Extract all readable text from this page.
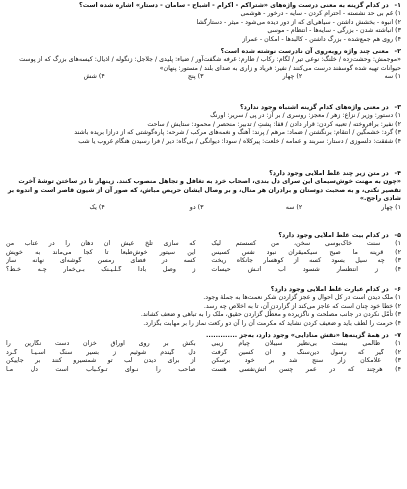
۱- در کدام گزینه به معنی درست واژه‌های «شتراکم - اکرام - اشباح - سامان - دستار» اشاره شده است؟
۱) غم بی حد نشسته - احترام کردن - سایه - درخور - هوشمی
۲) انبوه - بخشش داشتن - سیاهی‌ای که از دور دیده می‌شود - میثر - دستارگشا
۳) انباشته شدن - بزرگی - سایه‌ها - انتظام - موسی
۴) روی هم جمع‌شده - بزرگ داشتن - کالبدها - امکان - عمراز
۲- معنی چند واژه روبه‌روی آن نادرست نوشته شده است؟
«موجمش: وحشت‌زده / خلنگ: نوعی تیر / لگام: رکاب / طارم: غرفه‌ شگفت‌آور / ضیاء: پلیدی / جلاجل: زنگوله / اذیال: کیسه‌های بزرگ که از پوست حیوانات تهیه شده گوسفند درست می‌کنند / نفیر: فریاد و زاری به صدای بلند / مستور: پنهان»
۱) سه
۲) چهار
۳) پنج
۴) شش
۳- در معنی واژه‌های کدام گزینه اشتباه وجود ندارد؟
۱) دستور: وزیر / نزاع: زهر / معجز: روسری / بر آز: در پی / سریر: اورنگ
۲) نفیر: برافروخته / تعبیه کردن: قرار دادن / قفا: پشتِ / تدبیر: منحصر / محمود: ستایش / ساحت
۳) گرد: خشمگین / انتقام: برنگشتن / ضماد: مرهم / پرند: آهنگ و نغمه‌های مرکب / شرحه: پاره‌گوشتی که از درازا بریده باشند
۴) شفقت: دلسوزی / دستار: سربند و عمامه / خلعت: پیرکلاه / سودا: دیوانگی / بی‌گاه: دیر / فرا رسیدن هنگام غروب یا شب
۴- در متن زیر چند غلط املایی وجود دارد؟
«چون به مهنت خوش‌سیمای این سرای دل بندی، اصحاب خرد به تغافل و تجاهل منصوب کنند. زینهار تا در ساختن توشهٔ آخرت تقصیر نکنی، و به صحبت دوستان و برادران هر منال، و بر وصال ایشان حریص مباش، که صور آن از شیون قاصر است و اندوه بر شادی راجح.»
۱) چهار
۲) سه
۳) دو
۴) یک
۵- در کدام بیت غلط املایی وجود دارد؟
۱) سنت خاک‌بوسی سخن، من کسستم لیک
که سازی تلخ عیش آن دهان را در عتاب من
۲) قرینه ما صیح سیکمیقران نبود نفس کسیس
این سیتور خوش‌طبعا تا کجا می‌ماند به خویش
۳) چه سیل بسود کسه از کوهسار جانکاه ریخت
کسه در فضای رمسن گوشه‌ای نهانه ساز
۴) ز انتظسار شسود آب آتـش حیسات
ز وصل بادا گـلـیـنک بـی‌خمار چـه خـط؟
۶- در کدام عبارت غلط املایی وجود دارد؟
۱) ملک دیدن است در کل احوال و عجز گزاردن شکر نعمت‌ها به جملهٔ وجود.
۲) خطا خود چنان است که عاجز می‌کند از گزاردن آن، تا به اخلاص چه رسد.
۳) تأمّل نکردن در جانب مصلحت و ناگزیرده و معطّل گزاردن حقیق، ملک را به تباهی و ضعف کشاند.
۴) حرمت را لطف باید و ضعیف کردن نشاید که مکرمت آن را آن دو رکعت نماز را بر مهابت بگزارد.
۷- در همهٔ گزینه‌ها «نقش منادایی» وجود دارد، به‌جز .............
۱) ظالمی بیست بی‌نظیر سیبلان چیام زیبی
بکش بر روی اوراق خزان دست نگارین را
۲) گیر که رسول دین‌سنگ و آن کسین گرفت
دل گیندم شوثیم ز بسیر سنگ آسـیـا گـرد
۳) غلامکان زار سنج شد بر خود برسکن
از برای دیدن لب تو شمسیرو کنند بر جاییکن
۴) هرچند که در عمر چسن آتش‌نفسی هست
صاحب را نـوای تـوکـباب است دل مـا
